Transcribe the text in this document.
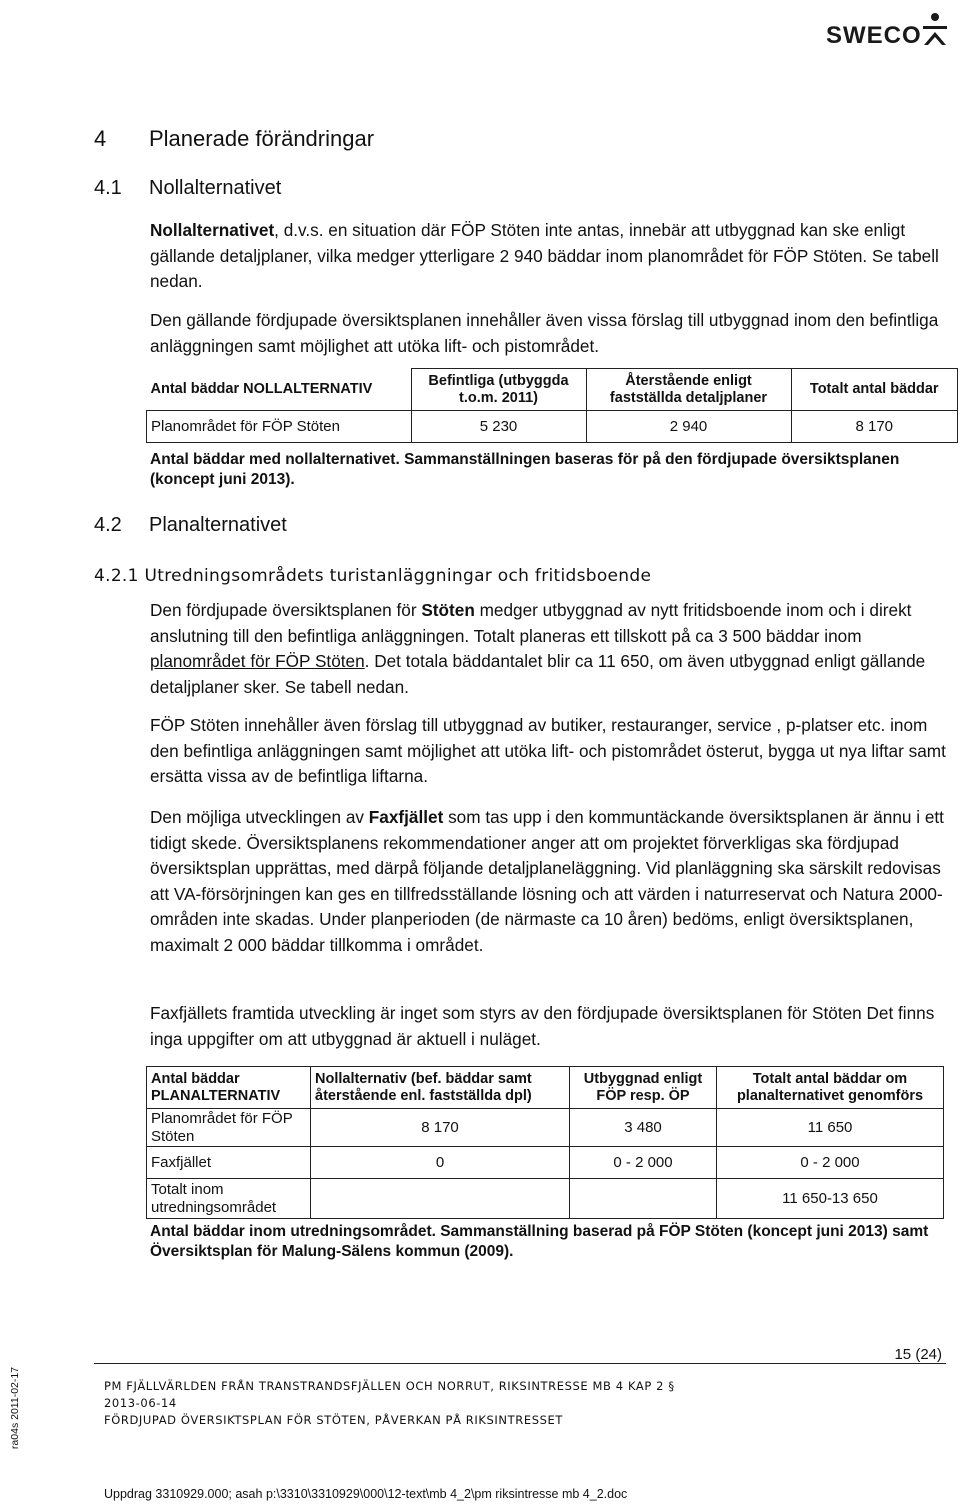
SWECO
4 Planerade förändringar
4.1 Nollalternativet

Nollalternativet, d.v.s. en situation där FÖP Stöten inte antas, innebär att utbyggnad kan ske enligt gällande detaljplaner, vilka medger ytterligare 2 940 bäddar inom planområdet för FÖP Stöten. Se tabell nedan.

Den gällande fördjupade översiktsplanen innehåller även vissa förslag till utbyggnad inom den befintliga anläggningen samt möjlighet att utöka lift- och pistområdet.

Antal bäddar NOLLALTERNATIV	Befintliga (utbyggda t.o.m. 2011)	Återstående enligt fastställda detaljplaner	Totalt antal bäddar
Planområdet för FÖP Stöten	5 230	2 940	8 170
Antal bäddar med nollalternativet. Sammanställningen baseras för på den fördjupade översiktsplanen (koncept juni 2013).
4.2 Planalternativet
4.2.1 Utredningsområdets turistanläggningar och fritidsboende

Den fördjupade översiktsplanen för Stöten medger utbyggnad av nytt fritidsboende inom och i direkt anslutning till den befintliga anläggningen. Totalt planeras ett tillskott på ca 3 500 bäddar inom planområdet för FÖP Stöten. Det totala bäddantalet blir ca 11 650, om även utbyggnad enligt gällande detaljplaner sker. Se tabell nedan.

FÖP Stöten innehåller även förslag till utbyggnad av butiker, restauranger, service , p-platser etc. inom den befintliga anläggningen samt möjlighet att utöka lift- och pistområdet österut, bygga ut nya liftar samt ersätta vissa av de befintliga liftarna.

Den möjliga utvecklingen av Faxfjället som tas upp i den kommuntäckande översiktsplanen är ännu i ett tidigt skede. Översiktsplanens rekommendationer anger att om projektet förverkligas ska fördjupad översiktsplan upprättas, med därpå följande detaljplaneläggning. Vid planläggning ska särskilt redovisas att VA-försörjningen kan ges en tillfredsställande lösning och att värden i naturreservat och Natura 2000-områden inte skadas. Under planperioden (de närmaste ca 10 åren) bedöms, enligt översiktsplanen, maximalt 2 000 bäddar tillkomma i området.

Faxfjällets framtida utveckling är inget som styrs av den fördjupade översiktsplanen för Stöten Det finns inga uppgifter om att utbyggnad är aktuell i nuläget.

Antal bäddar PLANALTERNATIV	Nollalternativ (bef. bäddar samt återstående enl. fastställda dpl)	Utbyggnad enligt FÖP resp. ÖP	Totalt antal bäddar om planalternativet genomförs
Planområdet för FÖP Stöten	8 170	3 480	11 650
Faxfjället	0	0 - 2 000	0 - 2 000
Totalt inom utredningsområdet			11 650-13 650
Antal bäddar inom utredningsområdet. Sammanställning baserad på FÖP Stöten (koncept juni 2013) samt Översiktsplan för Malung-Sälens kommun (2009).
15 (24)
PM FJÄLLVÄRLDEN FRÅN TRANSTRANDSFJÄLLEN OCH NORRUT, RIKSINTRESSE MB 4 KAP 2 §
2013-06-14
FÖRDJUPAD ÖVERSIKTSPLAN FÖR STÖTEN, PÅVERKAN PÅ RIKSINTRESSET
ra04s 2011-02-17
Uppdrag 3310929.000; asah p:\3310\3310929\000\12-text\mb 4_2\pm riksintresse mb 4_2.doc
